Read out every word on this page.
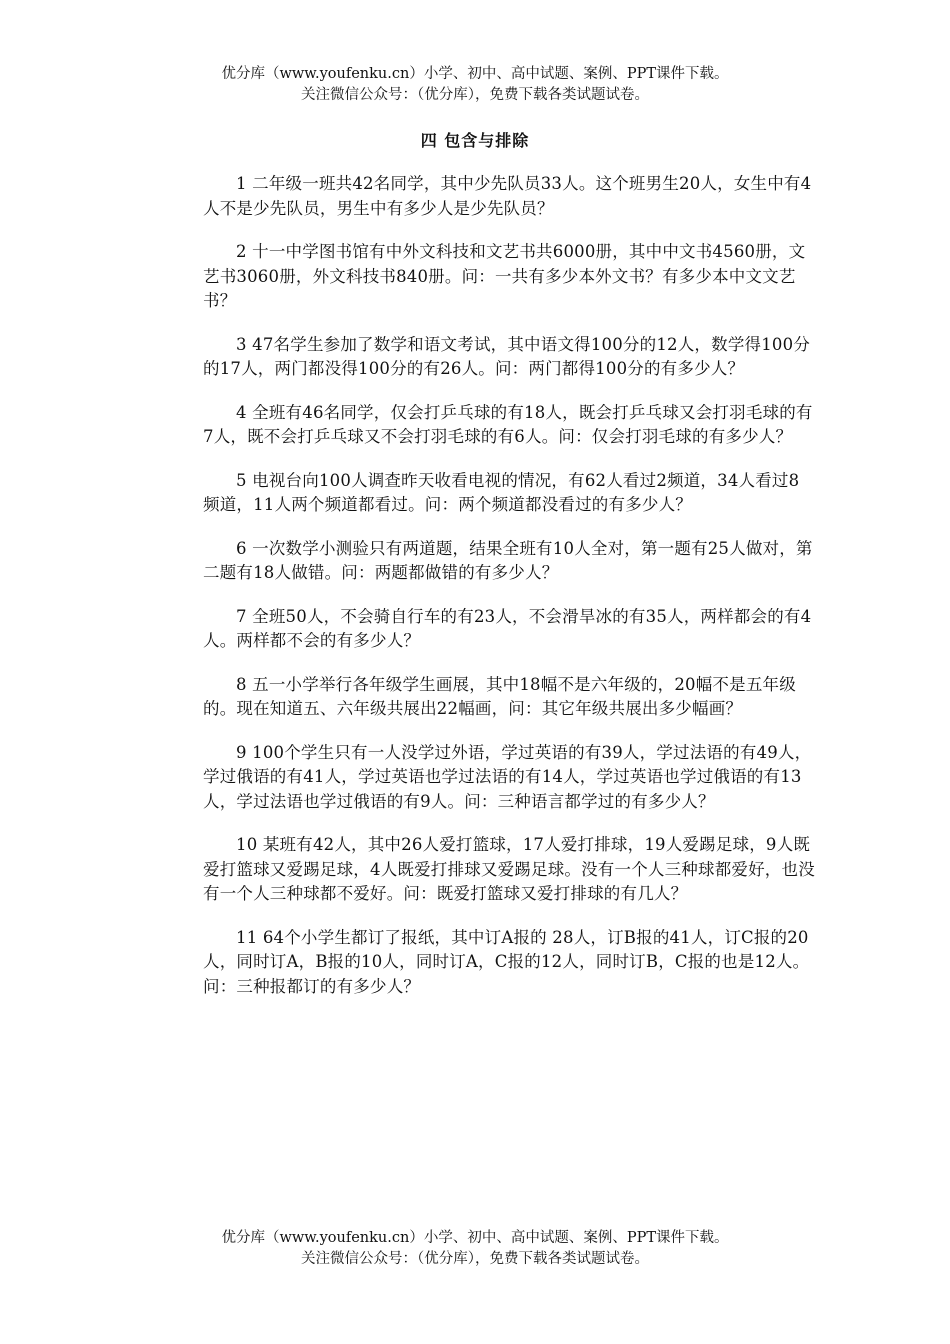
优分库（www.youfenku.cn）小学、初中、高中试题、案例、PPT课件下载。
关注微信公众号：（优分库），免费下载各类试题试卷。
四 包含与排除
1 二年级一班共42名同学，其中少先队员33人。这个班男生20人，女生中有4人不是少先队员，男生中有多少人是少先队员？
2 十一中学图书馆有中外文科技和文艺书共6000册，其中中文书4560册，文艺书3060册，外文科技书840册。问：一共有多少本外文书？有多少本中文文艺书？
3 47名学生参加了数学和语文考试，其中语文得100分的12人，数学得100分的17人，两门都没得100分的有26人。问：两门都得100分的有多少人？
4 全班有46名同学，仅会打乒乓球的有18人，既会打乒乓球又会打羽毛球的有7人，既不会打乒乓球又不会打羽毛球的有6人。问：仅会打羽毛球的有多少人？
5 电视台向100人调查昨天收看电视的情况，有62人看过2频道，34人看过8频道，11人两个频道都看过。问：两个频道都没看过的有多少人？
6 一次数学小测验只有两道题，结果全班有10人全对，第一题有25人做对，第二题有18人做错。问：两题都做错的有多少人？
7 全班50人，不会骑自行车的有23人，不会滑旱冰的有35人，两样都会的有4人。两样都不会的有多少人？
8 五一小学举行各年级学生画展，其中18幅不是六年级的，20幅不是五年级的。现在知道五、六年级共展出22幅画，问：其它年级共展出多少幅画？
9 100个学生只有一人没学过外语，学过英语的有39人，学过法语的有49人，学过俄语的有41人，学过英语也学过法语的有14人，学过英语也学过俄语的有13人，学过法语也学过俄语的有9人。问：三种语言都学过的有多少人？
10 某班有42人，其中26人爱打篮球，17人爱打排球，19人爱踢足球，9人既爱打篮球又爱踢足球，4人既爱打排球又爱踢足球。没有一个人三种球都爱好，也没有一个人三种球都不爱好。问：既爱打篮球又爱打排球的有几人？
11 64个小学生都订了报纸，其中订A报的 28人，订B报的41人，订C报的20人，同时订A，B报的10人，同时订A，C报的12人，同时订B，C报的也是12人。问：三种报都订的有多少人？
优分库（www.youfenku.cn）小学、初中、高中试题、案例、PPT课件下载。
关注微信公众号：（优分库），免费下载各类试题试卷。
